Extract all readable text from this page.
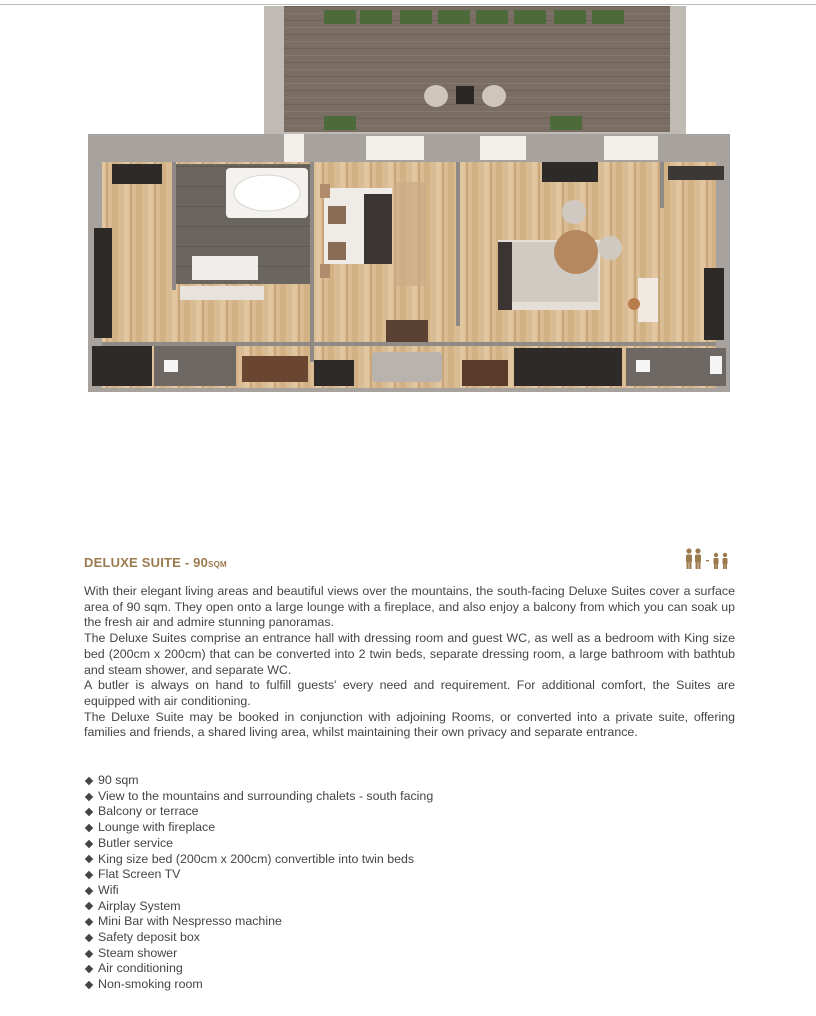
DELUXE SUITE - 90SQM

With their elegant living areas and beautiful views over the mountains, the south-facing Deluxe Suites cover a surface area of 90 sqm. They open onto a large lounge with a fireplace, and also enjoy a balcony from which you can soak up the fresh air and admire stunning panoramas.

The Deluxe Suites comprise an entrance hall with dressing room and guest WC, as well as a bedroom with King size bed (200cm x 200cm) that can be converted into 2 twin beds, separate dressing room, a large bathroom with bathtub and steam shower, and separate WC.

A butler is always on hand to fulfill guests' every need and requirement. For additional comfort, the Suites are equipped with air conditioning.

The Deluxe Suite may be booked in conjunction with adjoining Rooms, or converted into a private suite, offering families and friends, a shared living area, whilst maintaining their own privacy and separate entrance.

90 sqm
View to the mountains and surrounding chalets - south facing
Balcony or terrace
Lounge with fireplace
Butler service
King size bed (200cm x 200cm) convertible into twin beds
Flat Screen TV
Wifi
Airplay System
Mini Bar with Nespresso machine
Safety deposit box
Steam shower
Air conditioning
Non-smoking room
